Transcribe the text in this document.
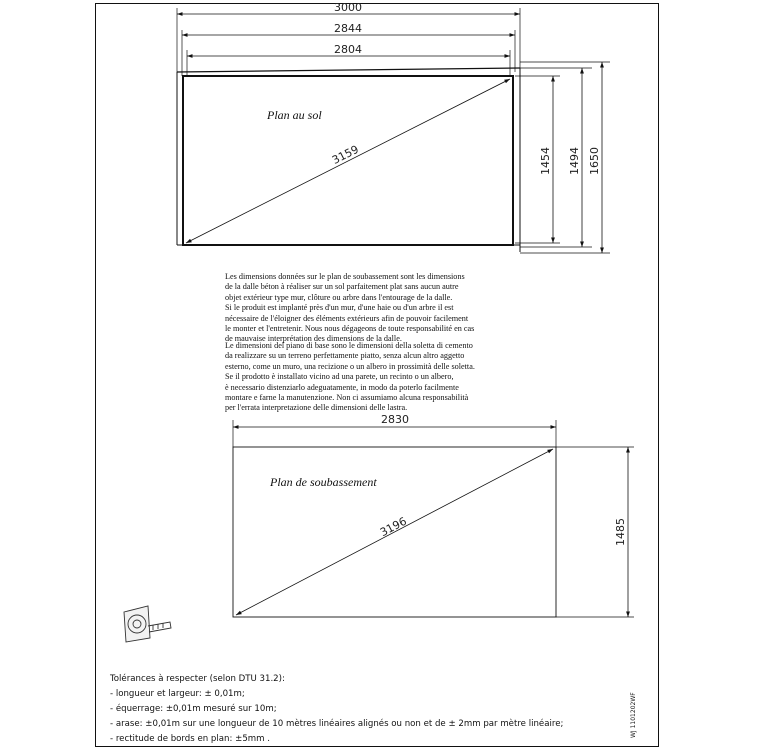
3000
2844
2804
Plan au sol
3159	1454 1494 1650
2830
Plan de soubassement
3196	1485

Les dimensions données sur le plan de soubassement sont les dimensions
de la dalle béton à réaliser sur un sol parfaitement plat sans aucun autre
objet extérieur type mur, clôture ou arbre dans l'entourage de la dalle.
Si le produit est implanté près d'un mur, d'une haie ou d'un arbre il est
nécessaire de l'éloigner des éléments extérieurs afin de pouvoir facilement
le monter et l'entretenir. Nous nous dégageons de toute responsabilité en cas
de mauvaise interprétation des dimensions de la dalle.

Le dimensioni del piano di base sono le dimensioni della soletta di cemento
da realizzare su un terreno perfettamente piatto, senza alcun altro aggetto
esterno, come un muro, una recizione o un albero in prossimità delle soletta.
Se il prodotto è installato vicino ad una parete, un recinto o un albero,
è necessario distenziarlo adeguatamente, in modo da poterlo facilmente
montare e farne la manutenzione. Non ci assumiamo alcuna responsabilità
per l'errata interpretazione delle dimensioni delle lastra.

Tolérances à respecter (selon DTU 31.2):
- longueur et largeur: ± 0,01m;
- équerrage: ±0,01m mesuré sur 10m;
- arase: ±0,01m sur une longueur de 10 mètres linéaires alignés ou non et de ± 2mm par mètre linéaire;
- rectitude de bords en plan: ±5mm .
WJ 1101202WF
